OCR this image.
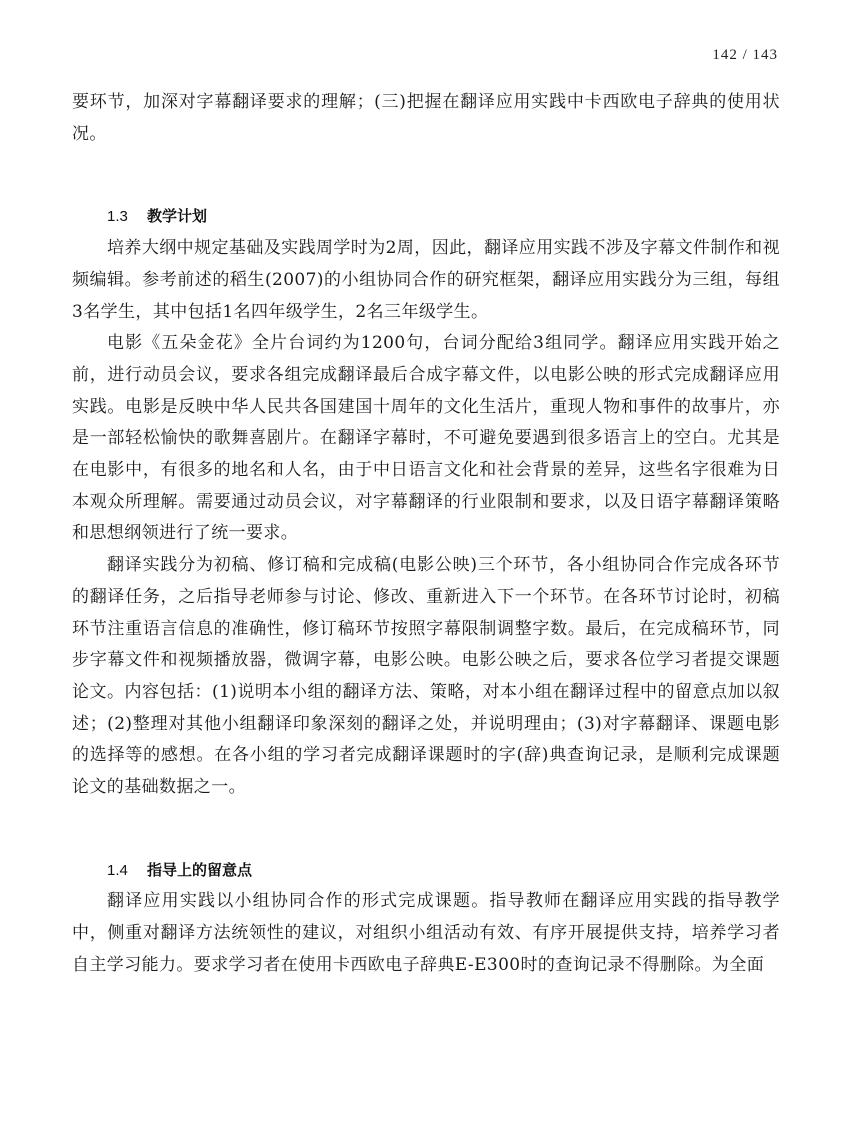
142 / 143

要环节，加深对字幕翻译要求的理解；(三)把握在翻译应用实践中卡西欧电子辞典的使用状况。

1.3 教学计划

培养大纲中规定基础及实践周学时为2周，因此，翻译应用实践不涉及字幕文件制作和视频编辑。参考前述的稻生(2007)的小组协同合作的研究框架，翻译应用实践分为三组，每组3名学生，其中包括1名四年级学生，2名三年级学生。

电影《五朵金花》全片台词约为1200句，台词分配给3组同学。翻译应用实践开始之前，进行动员会议，要求各组完成翻译最后合成字幕文件，以电影公映的形式完成翻译应用实践。电影是反映中华人民共各国建国十周年的文化生活片，重现人物和事件的故事片，亦是一部轻松愉快的歌舞喜剧片。在翻译字幕时，不可避免要遇到很多语言上的空白。尤其是在电影中，有很多的地名和人名，由于中日语言文化和社会背景的差异，这些名字很难为日本观众所理解。需要通过动员会议，对字幕翻译的行业限制和要求，以及日语字幕翻译策略和思想纲领进行了统一要求。

翻译实践分为初稿、修订稿和完成稿(电影公映)三个环节，各小组协同合作完成各环节的翻译任务，之后指导老师参与讨论、修改、重新进入下一个环节。在各环节讨论时，初稿环节注重语言信息的准确性，修订稿环节按照字幕限制调整字数。最后，在完成稿环节，同步字幕文件和视频播放器，微调字幕，电影公映。电影公映之后，要求各位学习者提交课题论文。内容包括：(1)说明本小组的翻译方法、策略，对本小组在翻译过程中的留意点加以叙述；(2)整理对其他小组翻译印象深刻的翻译之处，并说明理由；(3)对字幕翻译、课题电影的选择等的感想。在各小组的学习者完成翻译课题时的字(辞)典查询记录，是顺利完成课题论文的基础数据之一。

1.4 指导上的留意点

翻译应用实践以小组协同合作的形式完成课题。指导教师在翻译应用实践的指导教学中，侧重对翻译方法统领性的建议，对组织小组活动有效、有序开展提供支持，培养学习者自主学习能力。要求学习者在使用卡西欧电子辞典E-E300时的查询记录不得删除。为全面
